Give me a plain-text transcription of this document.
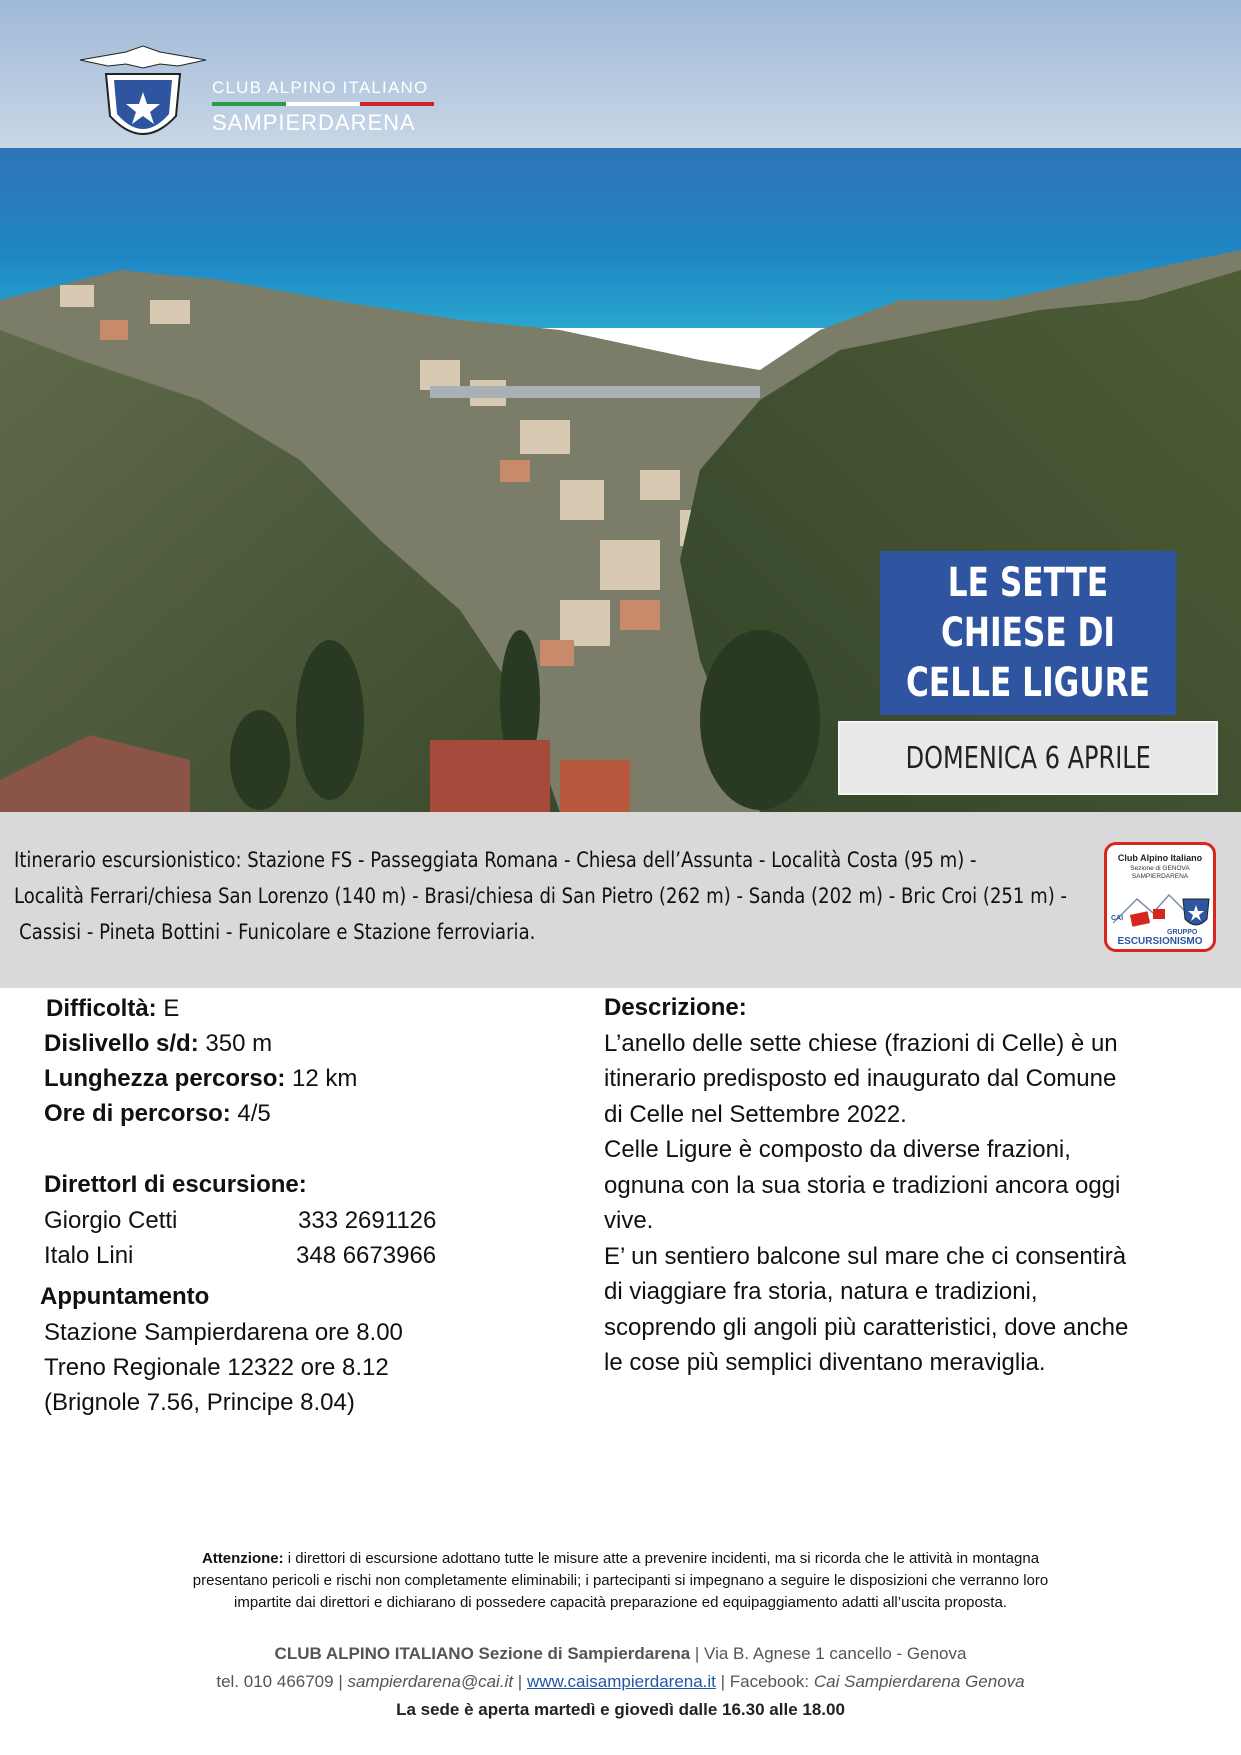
CLUB ALPINO ITALIANO
SAMPIERDARENA
LE SETTE CHIESE DI
CELLE LIGURE
DOMENICA 6 APRILE
Itinerario escursionistico: Stazione FS - Passeggiata Romana - Chiesa dell’Assunta - Località Costa (95 m) -
Località Ferrari/chiesa San Lorenzo (140 m) - Brasi/chiesa di San Pietro (262 m) - Sanda (202 m) - Bric Croi (251 m) -
Cassisi - Pineta Bottini - Funicolare e Stazione ferroviaria.
Club Alpino Italiano
Sezione di GENOVA
SAMPIERDARENA
CAI
GRUPPO
ESCURSIONISMO
Difficoltà: E
Dislivello s/d: 350 m
Lunghezza percorso: 12 km
Ore di percorso: 4/5
DirettorI di escursione:
Giorgio Cetti	333 2691126
Italo Lini	348 6673966
Appuntamento
Stazione Sampierdarena ore 8.00
Treno Regionale 12322 ore 8.12
(Brignole 7.56, Principe 8.04)
Descrizione:
L’anello delle sette chiese (frazioni di Celle) è un
itinerario predisposto ed inaugurato dal Comune
di Celle nel Settembre 2022.
Celle Ligure è composto da diverse frazioni,
ognuna con la sua storia e tradizioni ancora oggi
vive.
E’ un sentiero balcone sul mare che ci consentirà
di viaggiare fra storia, natura e tradizioni,
scoprendo gli angoli più caratteristici, dove anche
le cose più semplici diventano meraviglia.
Attenzione: i direttori di escursione adottano tutte le misure atte a prevenire incidenti, ma si ricorda che le attività in montagna
presentano pericoli e rischi non completamente eliminabili; i partecipanti si impegnano a seguire le disposizioni che verranno loro
impartite dai direttori e dichiarano di possedere capacità preparazione ed equipaggiamento adatti all’uscita proposta.
CLUB ALPINO ITALIANO Sezione di Sampierdarena | Via B. Agnese 1 cancello - Genova
tel. 010 466709 | sampierdarena@cai.it | www.caisampierdarena.it | Facebook: Cai Sampierdarena Genova
La sede è aperta martedì e giovedì dalle 16.30 alle 18.00
